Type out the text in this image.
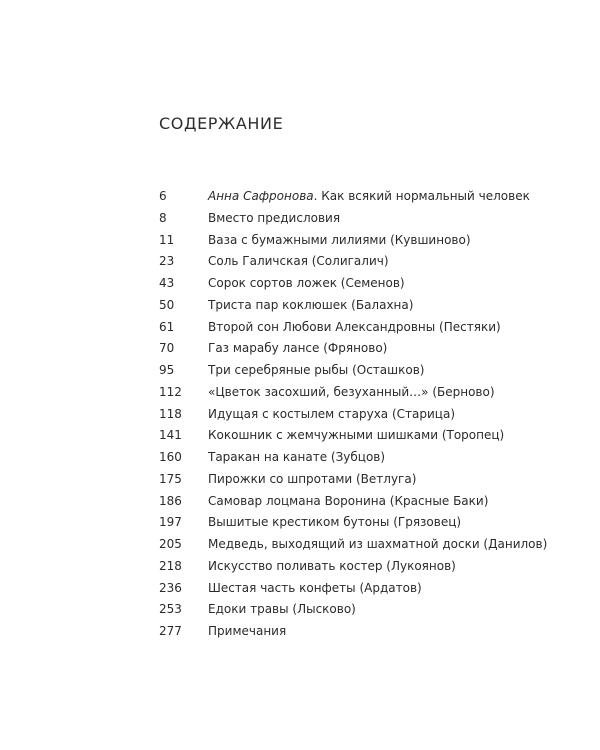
СОДЕРЖАНИЕ
6	Анна Сафронова. Как всякий нормальный человек
8	Вместо предисловия
11	Ваза с бумажными лилиями (Кувшиново)
23	Соль Галичская (Солигалич)
43	Сорок сортов ложек (Семенов)
50	Триста пар коклюшек (Балахна)
61	Второй сон Любови Александровны (Пестяки)
70	Газ марабу лансе (Фряново)
95	Три серебряные рыбы (Осташков)
112 «Цветок засохший, безуханный…» (Берново)
118 Идущая с костылем старуха (Старица)
141 Кокошник с жемчужными шишками (Торопец)
160 Таракан на канате (Зубцов)
175 Пирожки со шпротами (Ветлуга)
186 Самовар лоцмана Воронина (Красные Баки)
197 Вышитые крестиком бутоны (Грязовец)
205 Медведь, выходящий из шахматной доски (Данилов)
218 Искусство поливать костер (Лукоянов)
236 Шестая часть конфеты (Ардатов)
253 Едоки травы (Лысково)
277 Примечания
